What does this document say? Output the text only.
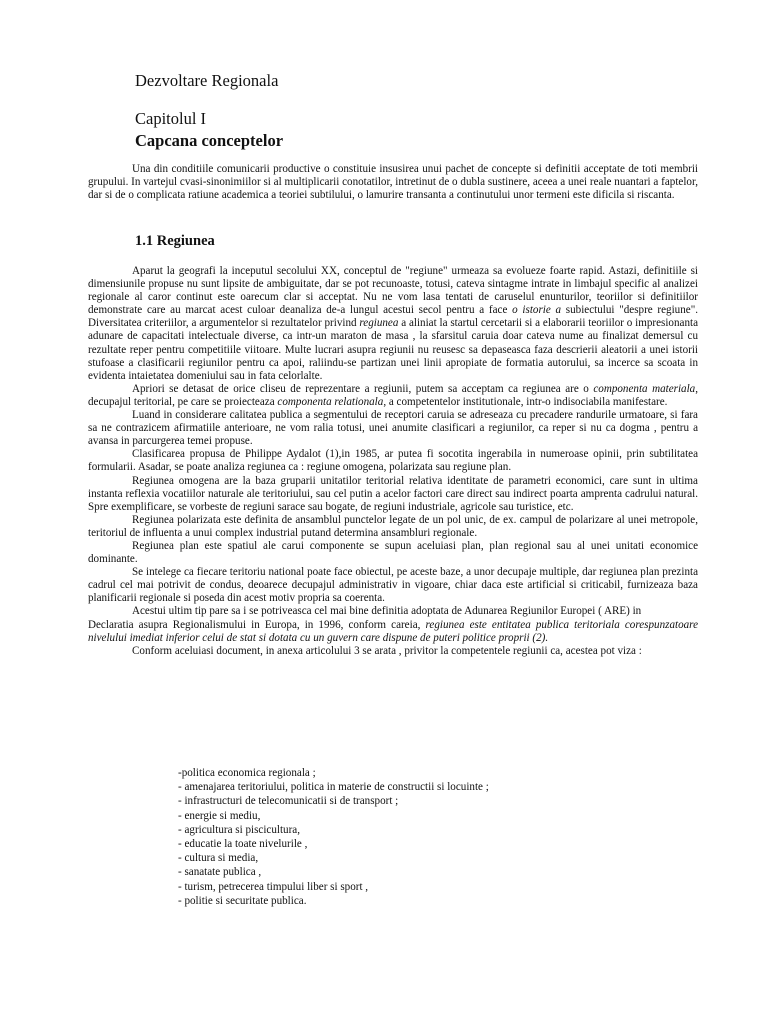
Dezvoltare Regionala
Capitolul I
Capcana conceptelor

Una din conditiile comunicarii productive o constituie insusirea unui pachet de concepte si definitii acceptate de toti membrii grupului. In vartejul cvasi-sinonimiilor si al multiplicarii conotatilor, intretinut de o dubla sustinere, aceea a unei reale nuantari a faptelor, dar si de o complicata ratiune academica a teoriei subtilului, o lamurire transanta a continutului unor termeni este dificila si riscanta.

1.1 Regiunea

Aparut la geografi la inceputul secolului XX, conceptul de "regiune" urmeaza sa evolueze foarte rapid. Astazi, definitiile si dimensiunile propuse nu sunt lipsite de ambiguitate, dar se pot recunoaste, totusi, cateva sintagme intrate in limbajul specific al analizei regionale al caror continut este oarecum clar si acceptat. Nu ne vom lasa tentati de caruselul enunturilor, teoriilor si definitiilor demonstrate care au marcat acest culoar deanaliza de-a lungul acestui secol pentru a face o istorie a subiectului "despre regiune". Diversitatea criteriilor, a argumentelor si rezultatelor privind regiunea a aliniat la startul cercetarii si a elaborarii teoriilor o impresionanta adunare de capacitati intelectuale diverse, ca intr-un maraton de masa , la sfarsitul caruia doar cateva nume au finalizat demersul cu rezultate reper pentru competitiile viitoare. Multe lucrari asupra regiunii nu reusesc sa depaseasca faza descrierii aleatorii a unei istorii stufoase a clasificarii regiunilor pentru ca apoi, raliindu-se partizan unei linii apropiate de formatia autorului, sa incerce sa scoata in evidenta intaietatea domeniului sau in fata celorlalte.

Apriori se detasat de orice cliseu de reprezentare a regiunii, putem sa acceptam ca regiunea are o componenta materiala, decupajul teritorial, pe care se proiecteaza componenta relationala, a competentelor institutionale, intr-o indisociabila manifestare.

Luand in considerare calitatea publica a segmentului de receptori caruia se adreseaza cu precadere randurile urmatoare, si fara sa ne contrazicem afirmatiile anterioare, ne vom ralia totusi, unei anumite clasificari a regiunilor, ca reper si nu ca dogma , pentru a avansa in parcurgerea temei propuse.

Clasificarea propusa de Philippe Aydalot (1),in 1985, ar putea fi socotita ingerabila in numeroase opinii, prin subtilitatea formularii. Asadar, se poate analiza regiunea ca : regiune omogena, polarizata sau regiune plan.

Regiunea omogena are la baza gruparii unitatilor teritorial relativa identitate de parametri economici, care sunt in ultima instanta reflexia vocatiilor naturale ale teritoriului, sau cel putin a acelor factori care direct sau indirect poarta amprenta cadrului natural. Spre exemplificare, se vorbeste de regiuni sarace sau bogate, de regiuni industriale, agricole sau turistice, etc.

Regiunea polarizata este definita de ansamblul punctelor legate de un pol unic, de ex. campul de polarizare al unei metropole, teritoriul de influenta a unui complex industrial putand determina ansambluri regionale.

Regiunea plan este spatiul ale carui componente se supun aceluiasi plan, plan regional sau al unei unitati economice dominante.

Se intelege ca fiecare teritoriu national poate face obiectul, pe aceste baze, a unor decupaje multiple, dar regiunea plan prezinta cadrul cel mai potrivit de condus, deoarece decupajul administrativ in vigoare, chiar daca este artificial si criticabil, furnizeaza baza planificarii regionale si poseda din acest motiv propria sa coerenta.

Acestui ultim tip pare sa i se potriveasca cel mai bine definitia adoptata de Adunarea Regiunilor Europei ( ARE) in

Declaratia asupra Regionalismului in Europa, in 1996, conform careia, regiunea este entitatea publica teritoriala corespunzatoare nivelului imediat inferior celui de stat si dotata cu un guvern care dispune de puteri politice proprii (2).

Conform aceluiasi document, in anexa articolului 3 se arata , privitor la competentele regiunii ca, acestea pot viza :

-politica economica regionala ;
- amenajarea teritoriului, politica in materie de constructii si locuinte ;
- infrastructuri de telecomunicatii si de transport ;
- energie si mediu,
- agricultura si piscicultura,
- educatie la toate nivelurile ,
- cultura si media,
- sanatate publica ,
- turism, petrecerea timpului liber si sport ,
- politie si securitate publica.
